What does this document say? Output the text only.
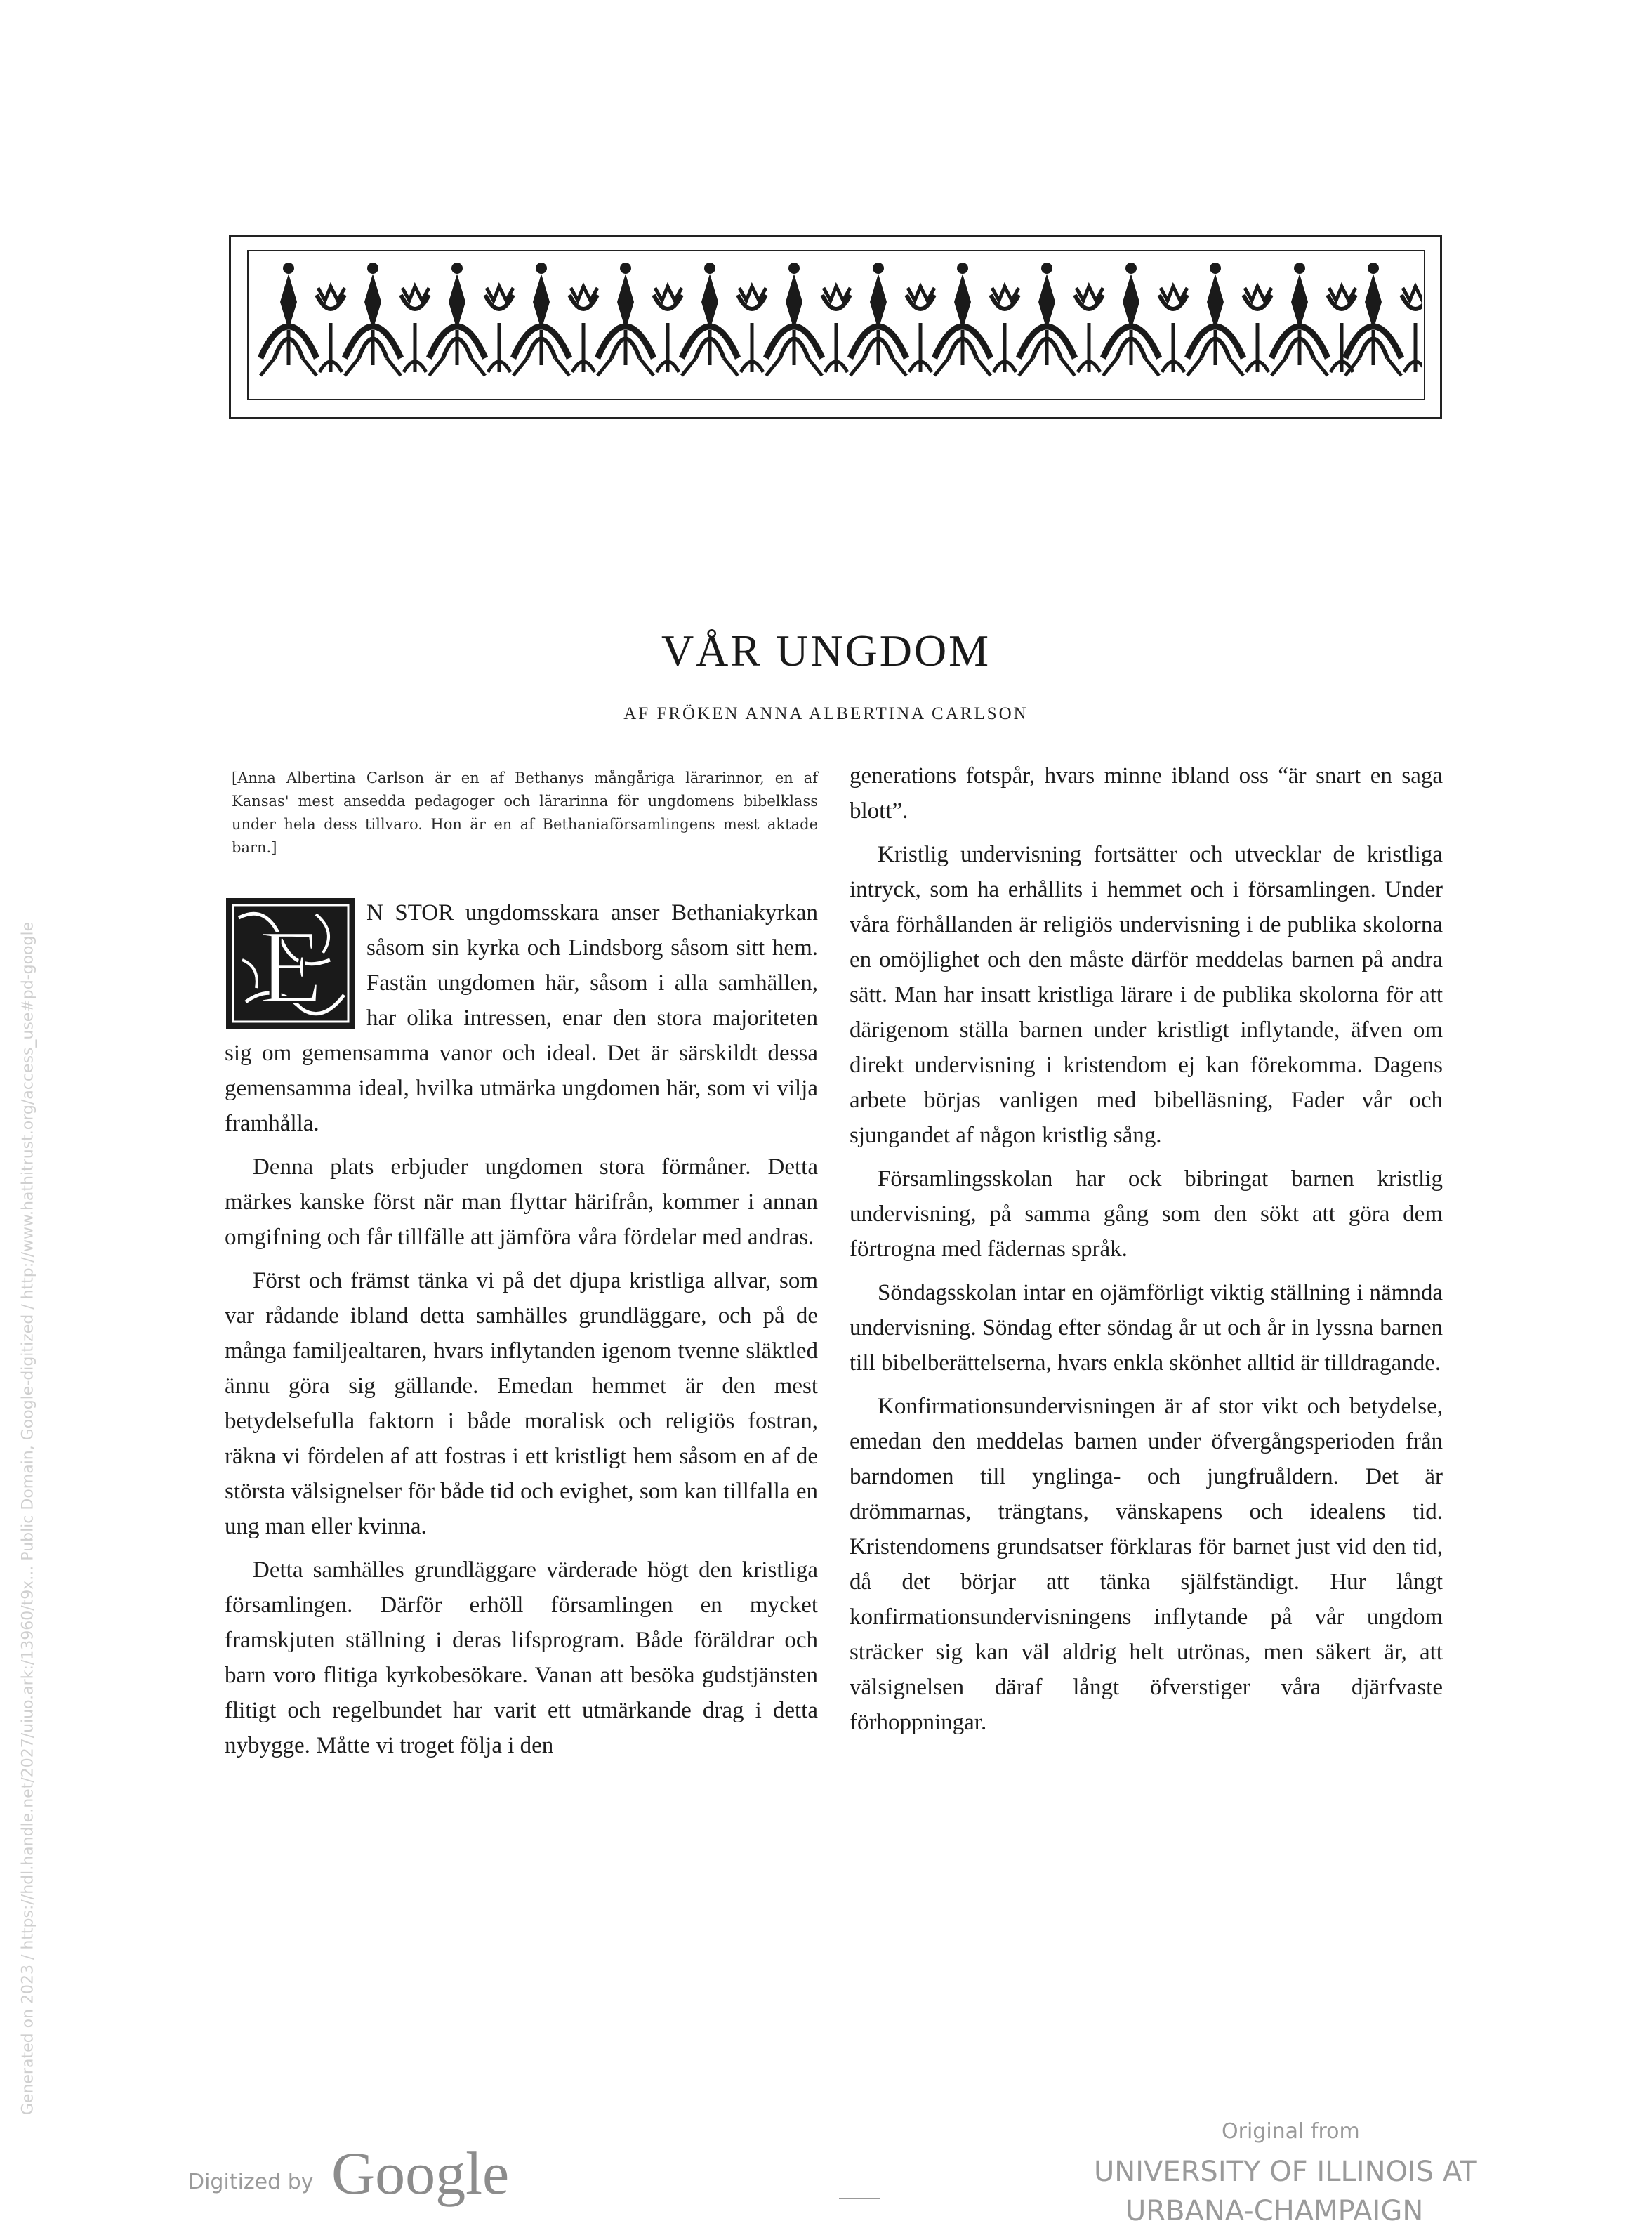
VÅR UNGDOM
AF FRÖKEN ANNA ALBERTINA CARLSON
[Anna Albertina Carlson är en af Bethanys mångåriga lärarinnor, en af Kansas' mest ansedda pedagoger och lärarinna för ungdomens bibelklass under hela dess tillvaro. Hon är en af Bethaniaförsamlingens mest aktade barn.]

E N STOR ungdomsskara anser Bethaniakyrkan såsom sin kyrka och Lindsborg såsom sitt hem. Fastän ungdomen här, såsom i alla samhällen, har olika intressen, enar den stora majoriteten sig om gemensamma vanor och ideal. Det är särskildt dessa gemensamma ideal, hvilka utmärka ungdomen här, som vi vilja framhålla.

Denna plats erbjuder ungdomen stora förmåner. Detta märkes kanske först när man flyttar härifrån, kommer i annan omgifning och får tillfälle att jämföra våra fördelar med andras.

Först och främst tänka vi på det djupa kristliga allvar, som var rådande ibland detta samhälles grundläggare, och på de många familjealtaren, hvars inflytanden igenom tvenne släktled ännu göra sig gällande. Emedan hemmet är den mest betydelsefulla faktorn i både moralisk och religiös fostran, räkna vi fördelen af att fostras i ett kristligt hem såsom en af de största välsignelser för både tid och evighet, som kan tillfalla en ung man eller kvinna.

Detta samhälles grundläggare värderade högt den kristliga församlingen. Därför erhöll församlingen en mycket framskjuten ställning i deras lifsprogram. Både föräldrar och barn voro flitiga kyrkobesökare. Vanan att besöka gudstjänsten flitigt och regelbundet har varit ett utmärkande drag i detta nybygge. Måtte vi troget följa i den

generations fotspår, hvars minne ibland oss “är snart en saga blott”.

Kristlig undervisning fortsätter och utvecklar de kristliga intryck, som ha erhållits i hemmet och i församlingen. Under våra förhållanden är religiös undervisning i de publika skolorna en omöjlighet och den måste därför meddelas barnen på andra sätt. Man har insatt kristliga lärare i de publika skolorna för att därigenom ställa barnen under kristligt inflytande, äfven om direkt undervisning i kristendom ej kan förekomma. Dagens arbete börjas vanligen med bibelläsning, Fader vår och sjungandet af någon kristlig sång.

Församlingsskolan har ock bibringat barnen kristlig undervisning, på samma gång som den sökt att göra dem förtrogna med fädernas språk.

Söndagsskolan intar en ojämförligt viktig ställning i nämnda undervisning. Söndag efter söndag år ut och år in lyssna barnen till bibelberättelserna, hvars enkla skönhet alltid är tilldragande.

Konfirmationsundervisningen är af stor vikt och betydelse, emedan den meddelas barnen under öfvergångsperioden från barndomen till ynglinga- och jungfruåldern. Det är drömmarnas, trängtans, vänskapens och idealens tid. Kristendomens grundsatser förklaras för barnet just vid den tid, då det börjar att tänka själfständigt. Hur långt konfirmationsundervisningens inflytande på vår ungdom sträcker sig kan väl aldrig helt utrönas, men säkert är, att välsignelsen däraf långt öfverstiger våra djärfvaste förhoppningar.

Generated on 2023 / https://hdl.handle.net/2027/uiuo.ark:/13960/t9x... Public Domain, Google-digitized / http://www.hathitrust.org/access_use#pd-google
Digitized by Google
Original from
UNIVERSITY OF ILLINOIS AT
URBANA-CHAMPAIGN
